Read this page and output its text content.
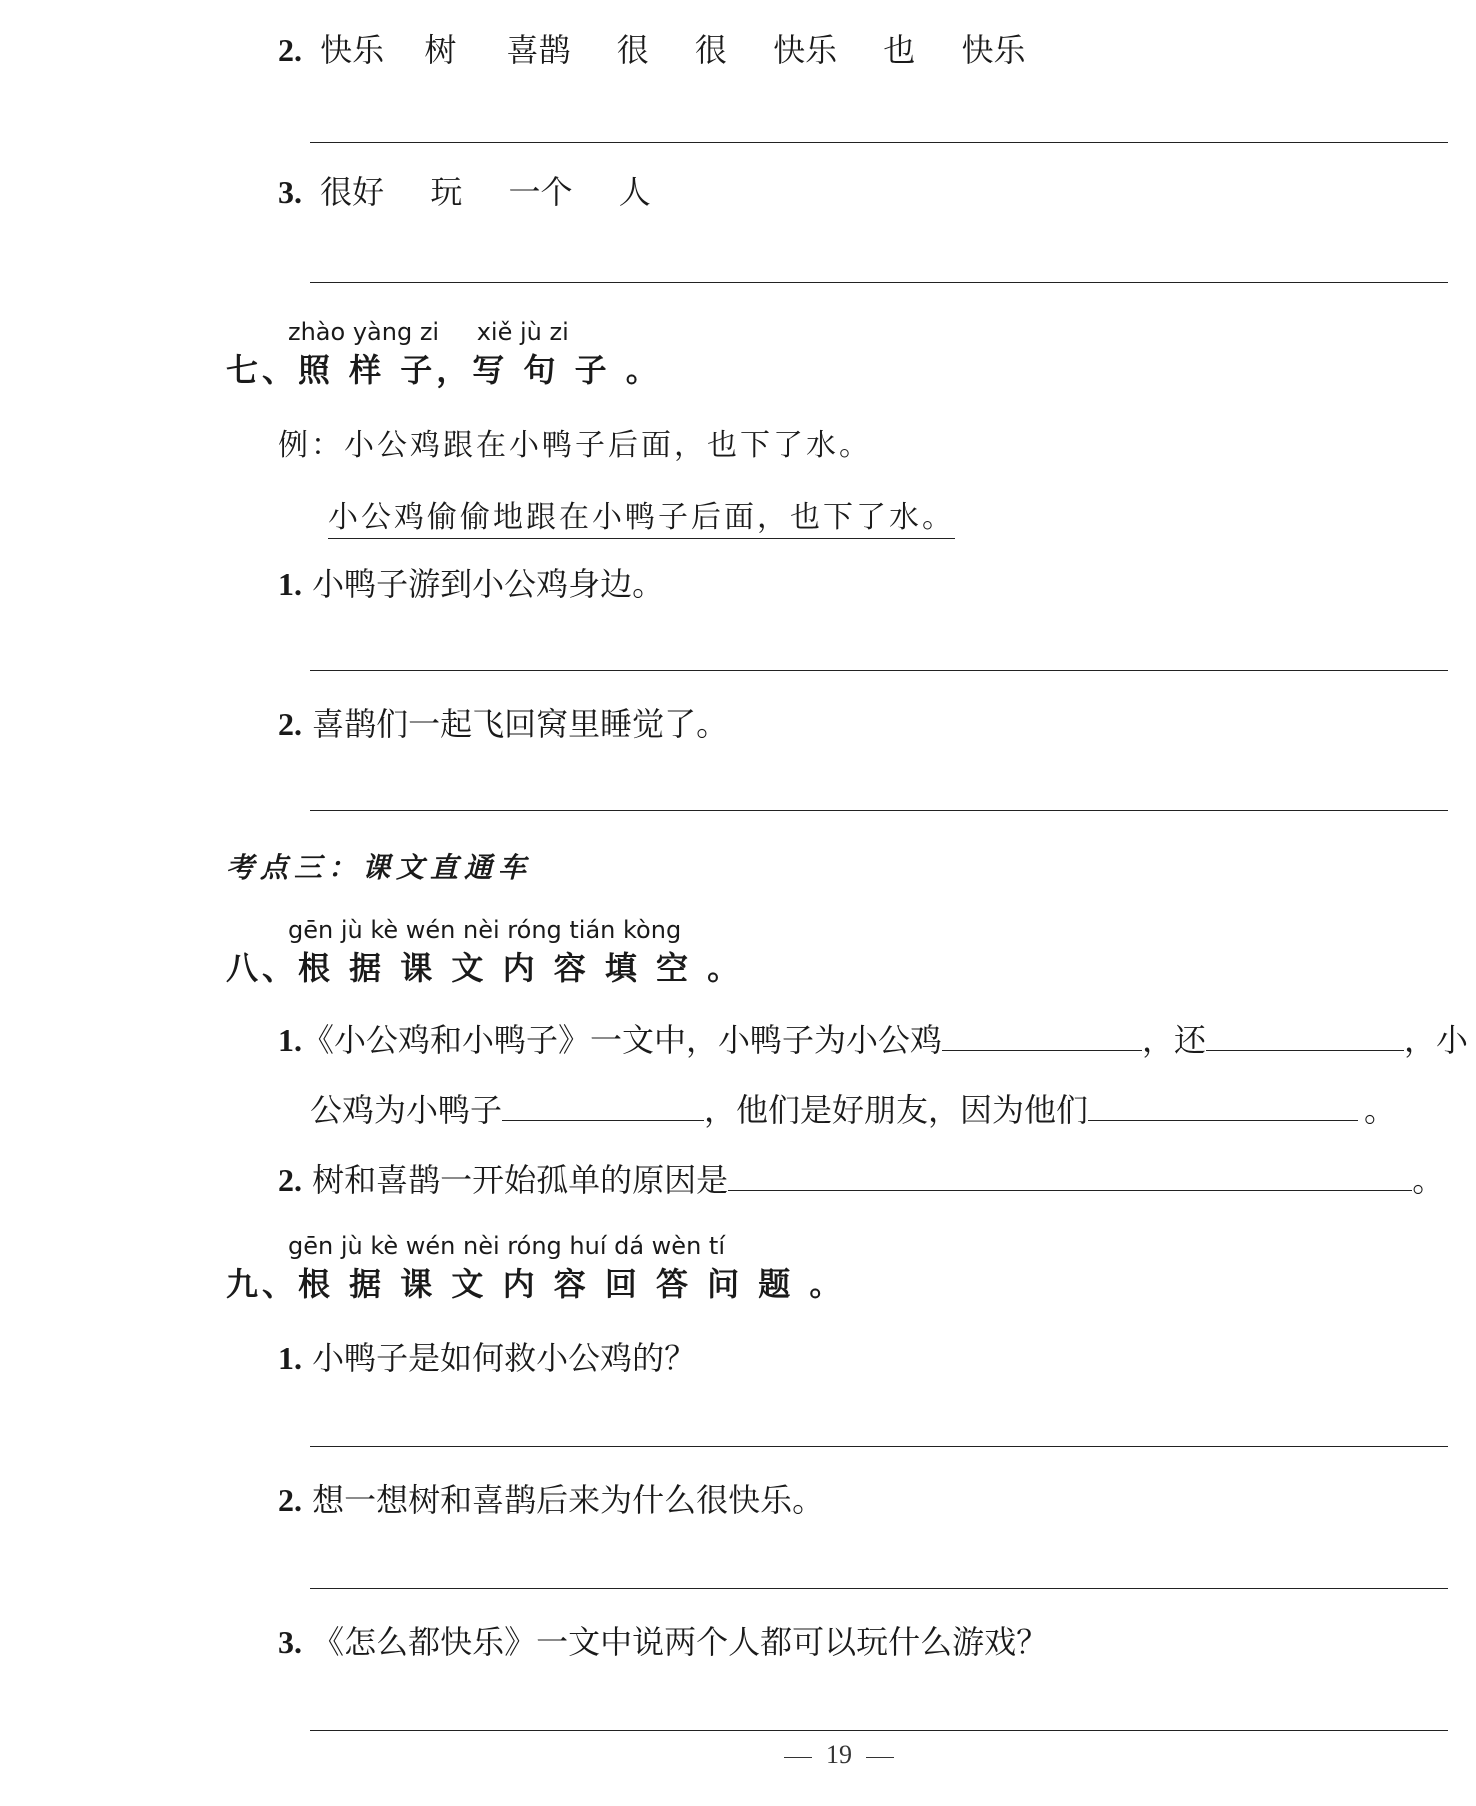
2. 快乐 树 喜鹊 很 很 快乐 也 快乐
3. 很好 玩 一个 人
zhào yàng zi xiě jù zi
七、照 样 子，写 句 子 。
例：小公鸡跟在小鸭子后面，也下了水。
小公鸡偷偷地跟在小鸭子后面，也下了水。
1. 小鸭子游到小公鸡身边。
2. 喜鹊们一起飞回窝里睡觉了。
考点三：课文直通车
gēn jù kè wén nèi róng tián kòng
八、根 据 课 文 内 容 填 空 。
1.《小公鸡和小鸭子》一文中，小鸭子为小公鸡	，还	，小
公鸡为小鸭子	，他们是好朋友，因为他们	。
2. 树和喜鹊一开始孤单的原因是	。
gēn jù kè wén nèi róng huí dá wèn tí
九、根 据 课 文 内 容 回 答 问 题 。
1. 小鸭子是如何救小公鸡的？
2. 想一想树和喜鹊后来为什么很快乐。
3. 《怎么都快乐》一文中说两个人都可以玩什么游戏？
19
